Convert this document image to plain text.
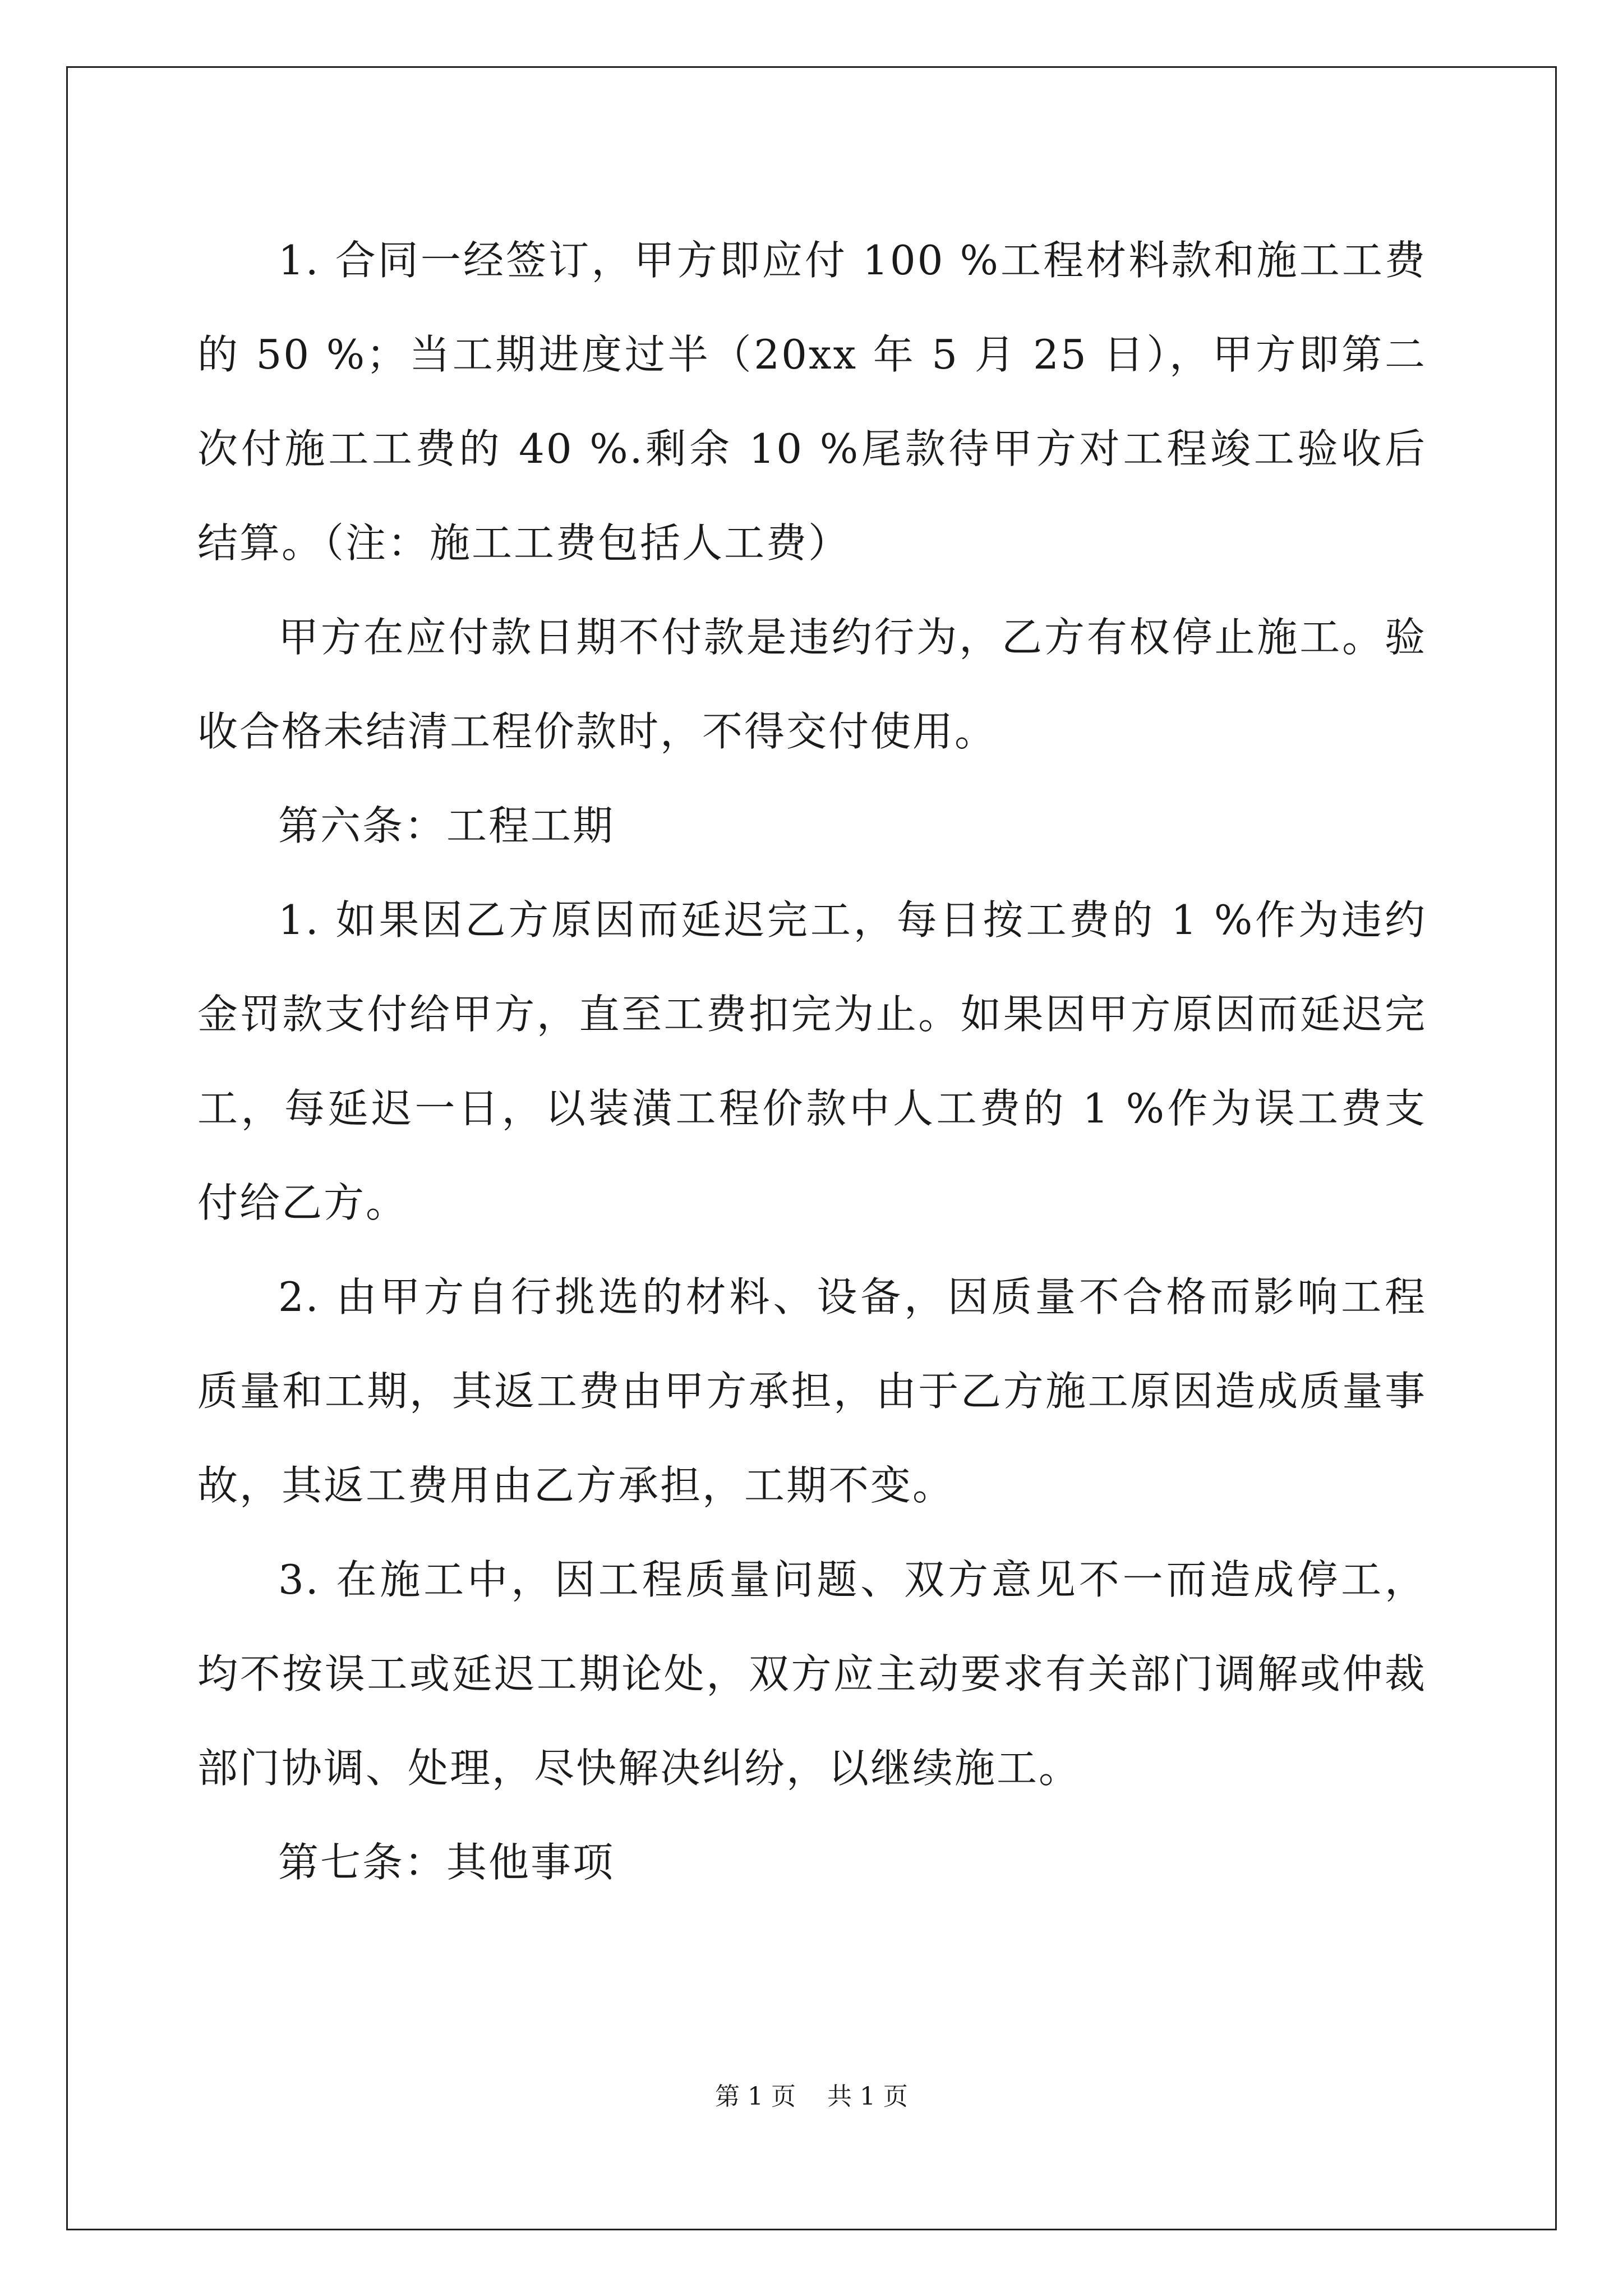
1. 合同一经签订，甲方即应付 100 %工程材料款和施工工费的 50 %；当工期进度过半（20xx 年 5 月 25 日），甲方即第二次付施工工费的 40 %.剩余 10 %尾款待甲方对工程竣工验收后结算。（注：施工工费包括人工费）

甲方在应付款日期不付款是违约行为，乙方有权停止施工。验收合格未结清工程价款时，不得交付使用。

第六条：工程工期

1. 如果因乙方原因而延迟完工，每日按工费的 1 %作为违约金罚款支付给甲方，直至工费扣完为止。如果因甲方原因而延迟完工，每延迟一日，以装潢工程价款中人工费的 1 %作为误工费支付给乙方。

2. 由甲方自行挑选的材料、设备，因质量不合格而影响工程质量和工期，其返工费由甲方承担，由于乙方施工原因造成质量事故，其返工费用由乙方承担，工期不变。

3. 在施工中，因工程质量问题、双方意见不一而造成停工，均不按误工或延迟工期论处，双方应主动要求有关部门调解或仲裁部门协调、处理，尽快解决纠纷，以继续施工。

第七条：其他事项

第 1 页    共 1 页
